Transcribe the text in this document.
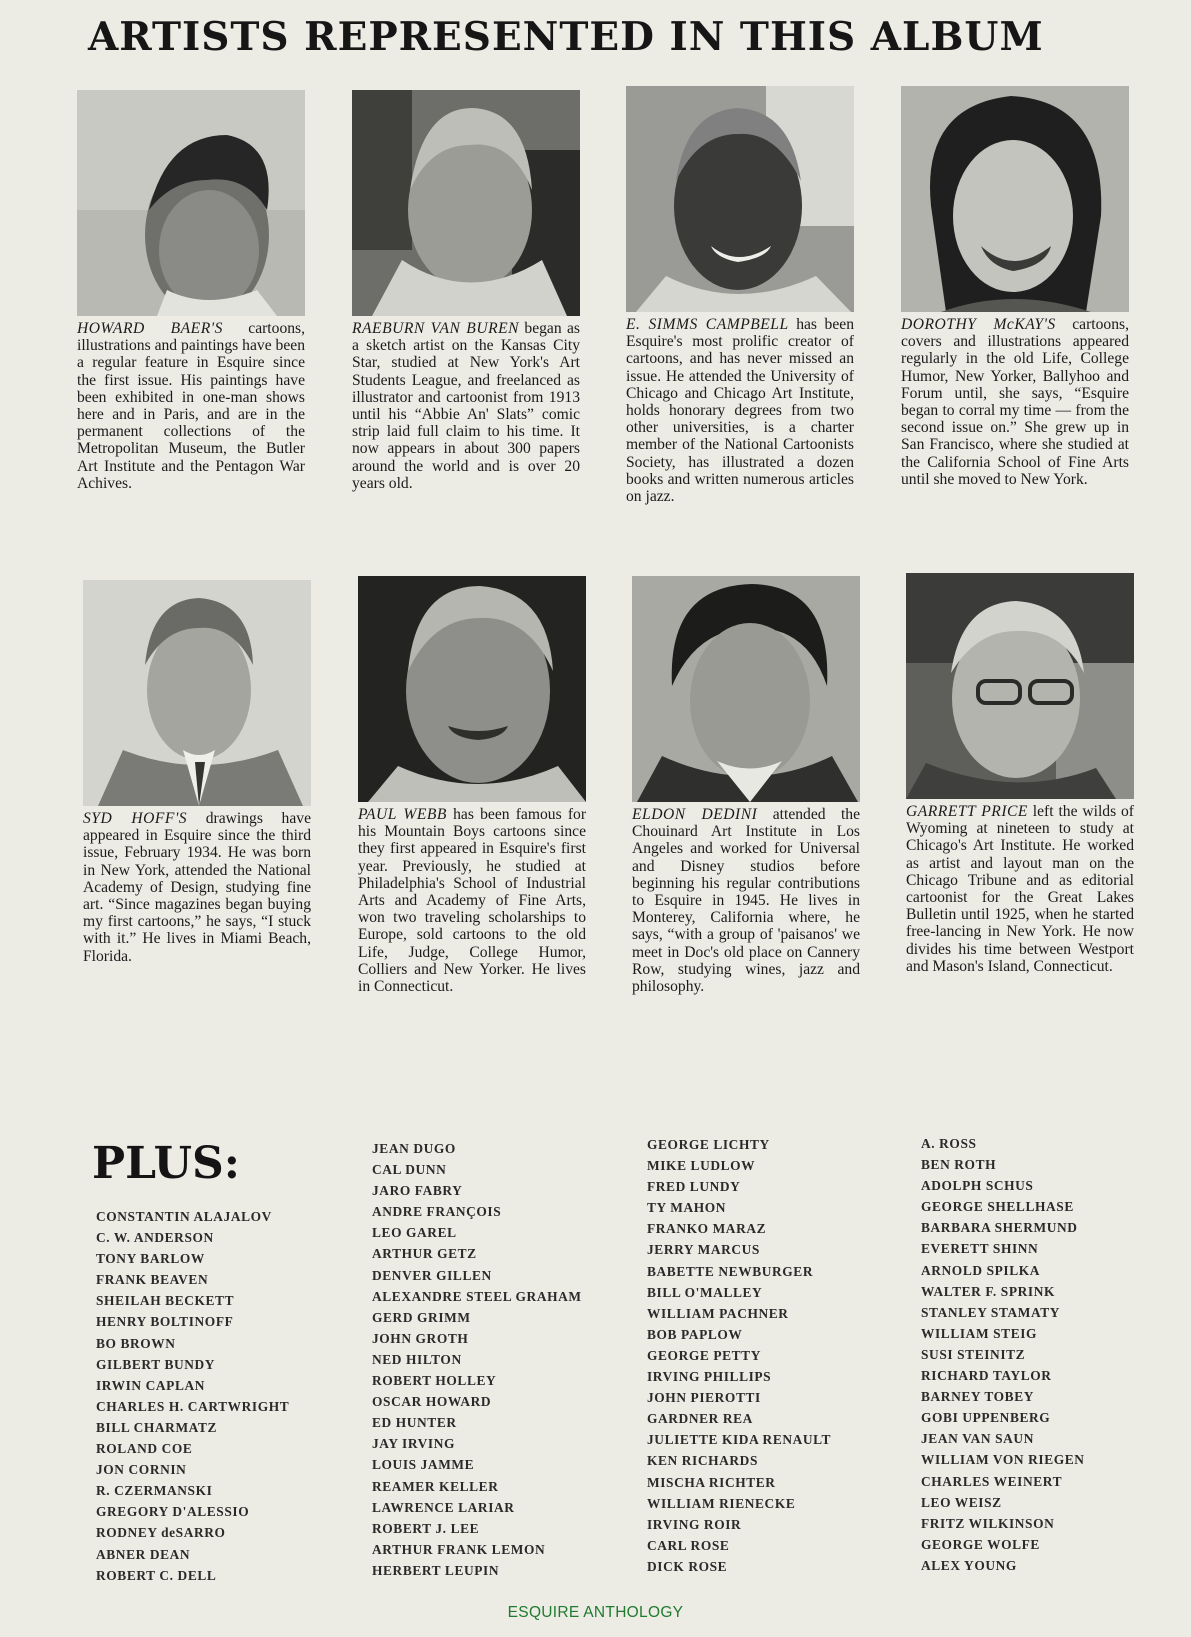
ARTISTS REPRESENTED IN THIS ALBUM
HOWARD BAER'S cartoons, illustrations and paintings have been a regular feature in Esquire since the first issue. His paintings have been exhibited in one-man shows here and in Paris, and are in the permanent collections of the Metropolitan Museum, the Butler Art Institute and the Pentagon War Achives.
RAEBURN VAN BUREN began as a sketch artist on the Kansas City Star, studied at New York's Art Students League, and freelanced as illustrator and cartoonist from 1913 until his “Abbie An' Slats” comic strip laid full claim to his time. It now appears in about 300 papers around the world and is over 20 years old.
E. SIMMS CAMPBELL has been Esquire's most prolific creator of cartoons, and has never missed an issue. He attended the University of Chicago and Chicago Art Institute, holds honorary degrees from two other universities, is a charter member of the National Cartoonists Society, has illustrated a dozen books and written numerous articles on jazz.
DOROTHY McKAY'S cartoons, covers and illustrations appeared regularly in the old Life, College Humor, New Yorker, Ballyhoo and Forum until, she says, “Esquire began to corral my time — from the second issue on.” She grew up in San Francisco, where she studied at the California School of Fine Arts until she moved to New York.
SYD HOFF'S drawings have appeared in Esquire since the third issue, February 1934. He was born in New York, attended the National Academy of Design, studying fine art. “Since magazines began buying my first cartoons,” he says, “I stuck with it.” He lives in Miami Beach, Florida.
PAUL WEBB has been famous for his Mountain Boys cartoons since they first appeared in Esquire's first year. Previously, he studied at Philadelphia's School of Industrial Arts and Academy of Fine Arts, won two traveling scholarships to Europe, sold cartoons to the old Life, Judge, College Humor, Colliers and New Yorker. He lives in Connecticut.
ELDON DEDINI attended the Chouinard Art Institute in Los Angeles and worked for Universal and Disney studios before beginning his regular contributions to Esquire in 1945. He lives in Monterey, California where, he says, “with a group of 'paisanos' we meet in Doc's old place on Cannery Row, studying wines, jazz and philosophy.
GARRETT PRICE left the wilds of Wyoming at nineteen to study at Chicago's Art Institute. He worked as artist and layout man on the Chicago Tribune and as editorial cartoonist for the Great Lakes Bulletin until 1925, when he started free-lancing in New York. He now divides his time between Westport and Mason's Island, Connecticut.
PLUS:
CONSTANTIN ALAJALOV
C. W. ANDERSON
TONY BARLOW
FRANK BEAVEN
SHEILAH BECKETT
HENRY BOLTINOFF
BO BROWN
GILBERT BUNDY
IRWIN CAPLAN
CHARLES H. CARTWRIGHT
BILL CHARMATZ
ROLAND COE
JON CORNIN
R. CZERMANSKI
GREGORY D'ALESSIO
RODNEY deSARRO
ABNER DEAN
ROBERT C. DELL
JEAN DUGO
CAL DUNN
JARO FABRY
ANDRE FRANÇOIS
LEO GAREL
ARTHUR GETZ
DENVER GILLEN
ALEXANDRE STEEL GRAHAM
GERD GRIMM
JOHN GROTH
NED HILTON
ROBERT HOLLEY
OSCAR HOWARD
ED HUNTER
JAY IRVING
LOUIS JAMME
REAMER KELLER
LAWRENCE LARIAR
ROBERT J. LEE
ARTHUR FRANK LEMON
HERBERT LEUPIN
GEORGE LICHTY
MIKE LUDLOW
FRED LUNDY
TY MAHON
FRANKO MARAZ
JERRY MARCUS
BABETTE NEWBURGER
BILL O'MALLEY
WILLIAM PACHNER
BOB PAPLOW
GEORGE PETTY
IRVING PHILLIPS
JOHN PIEROTTI
GARDNER REA
JULIETTE KIDA RENAULT
KEN RICHARDS
MISCHA RICHTER
WILLIAM RIENECKE
IRVING ROIR
CARL ROSE
DICK ROSE
A. ROSS
BEN ROTH
ADOLPH SCHUS
GEORGE SHELLHASE
BARBARA SHERMUND
EVERETT SHINN
ARNOLD SPILKA
WALTER F. SPRINK
STANLEY STAMATY
WILLIAM STEIG
SUSI STEINITZ
RICHARD TAYLOR
BARNEY TOBEY
GOBI UPPENBERG
JEAN VAN SAUN
WILLIAM VON RIEGEN
CHARLES WEINERT
LEO WEISZ
FRITZ WILKINSON
GEORGE WOLFE
ALEX YOUNG
ESQUIRE ANTHOLOGY
